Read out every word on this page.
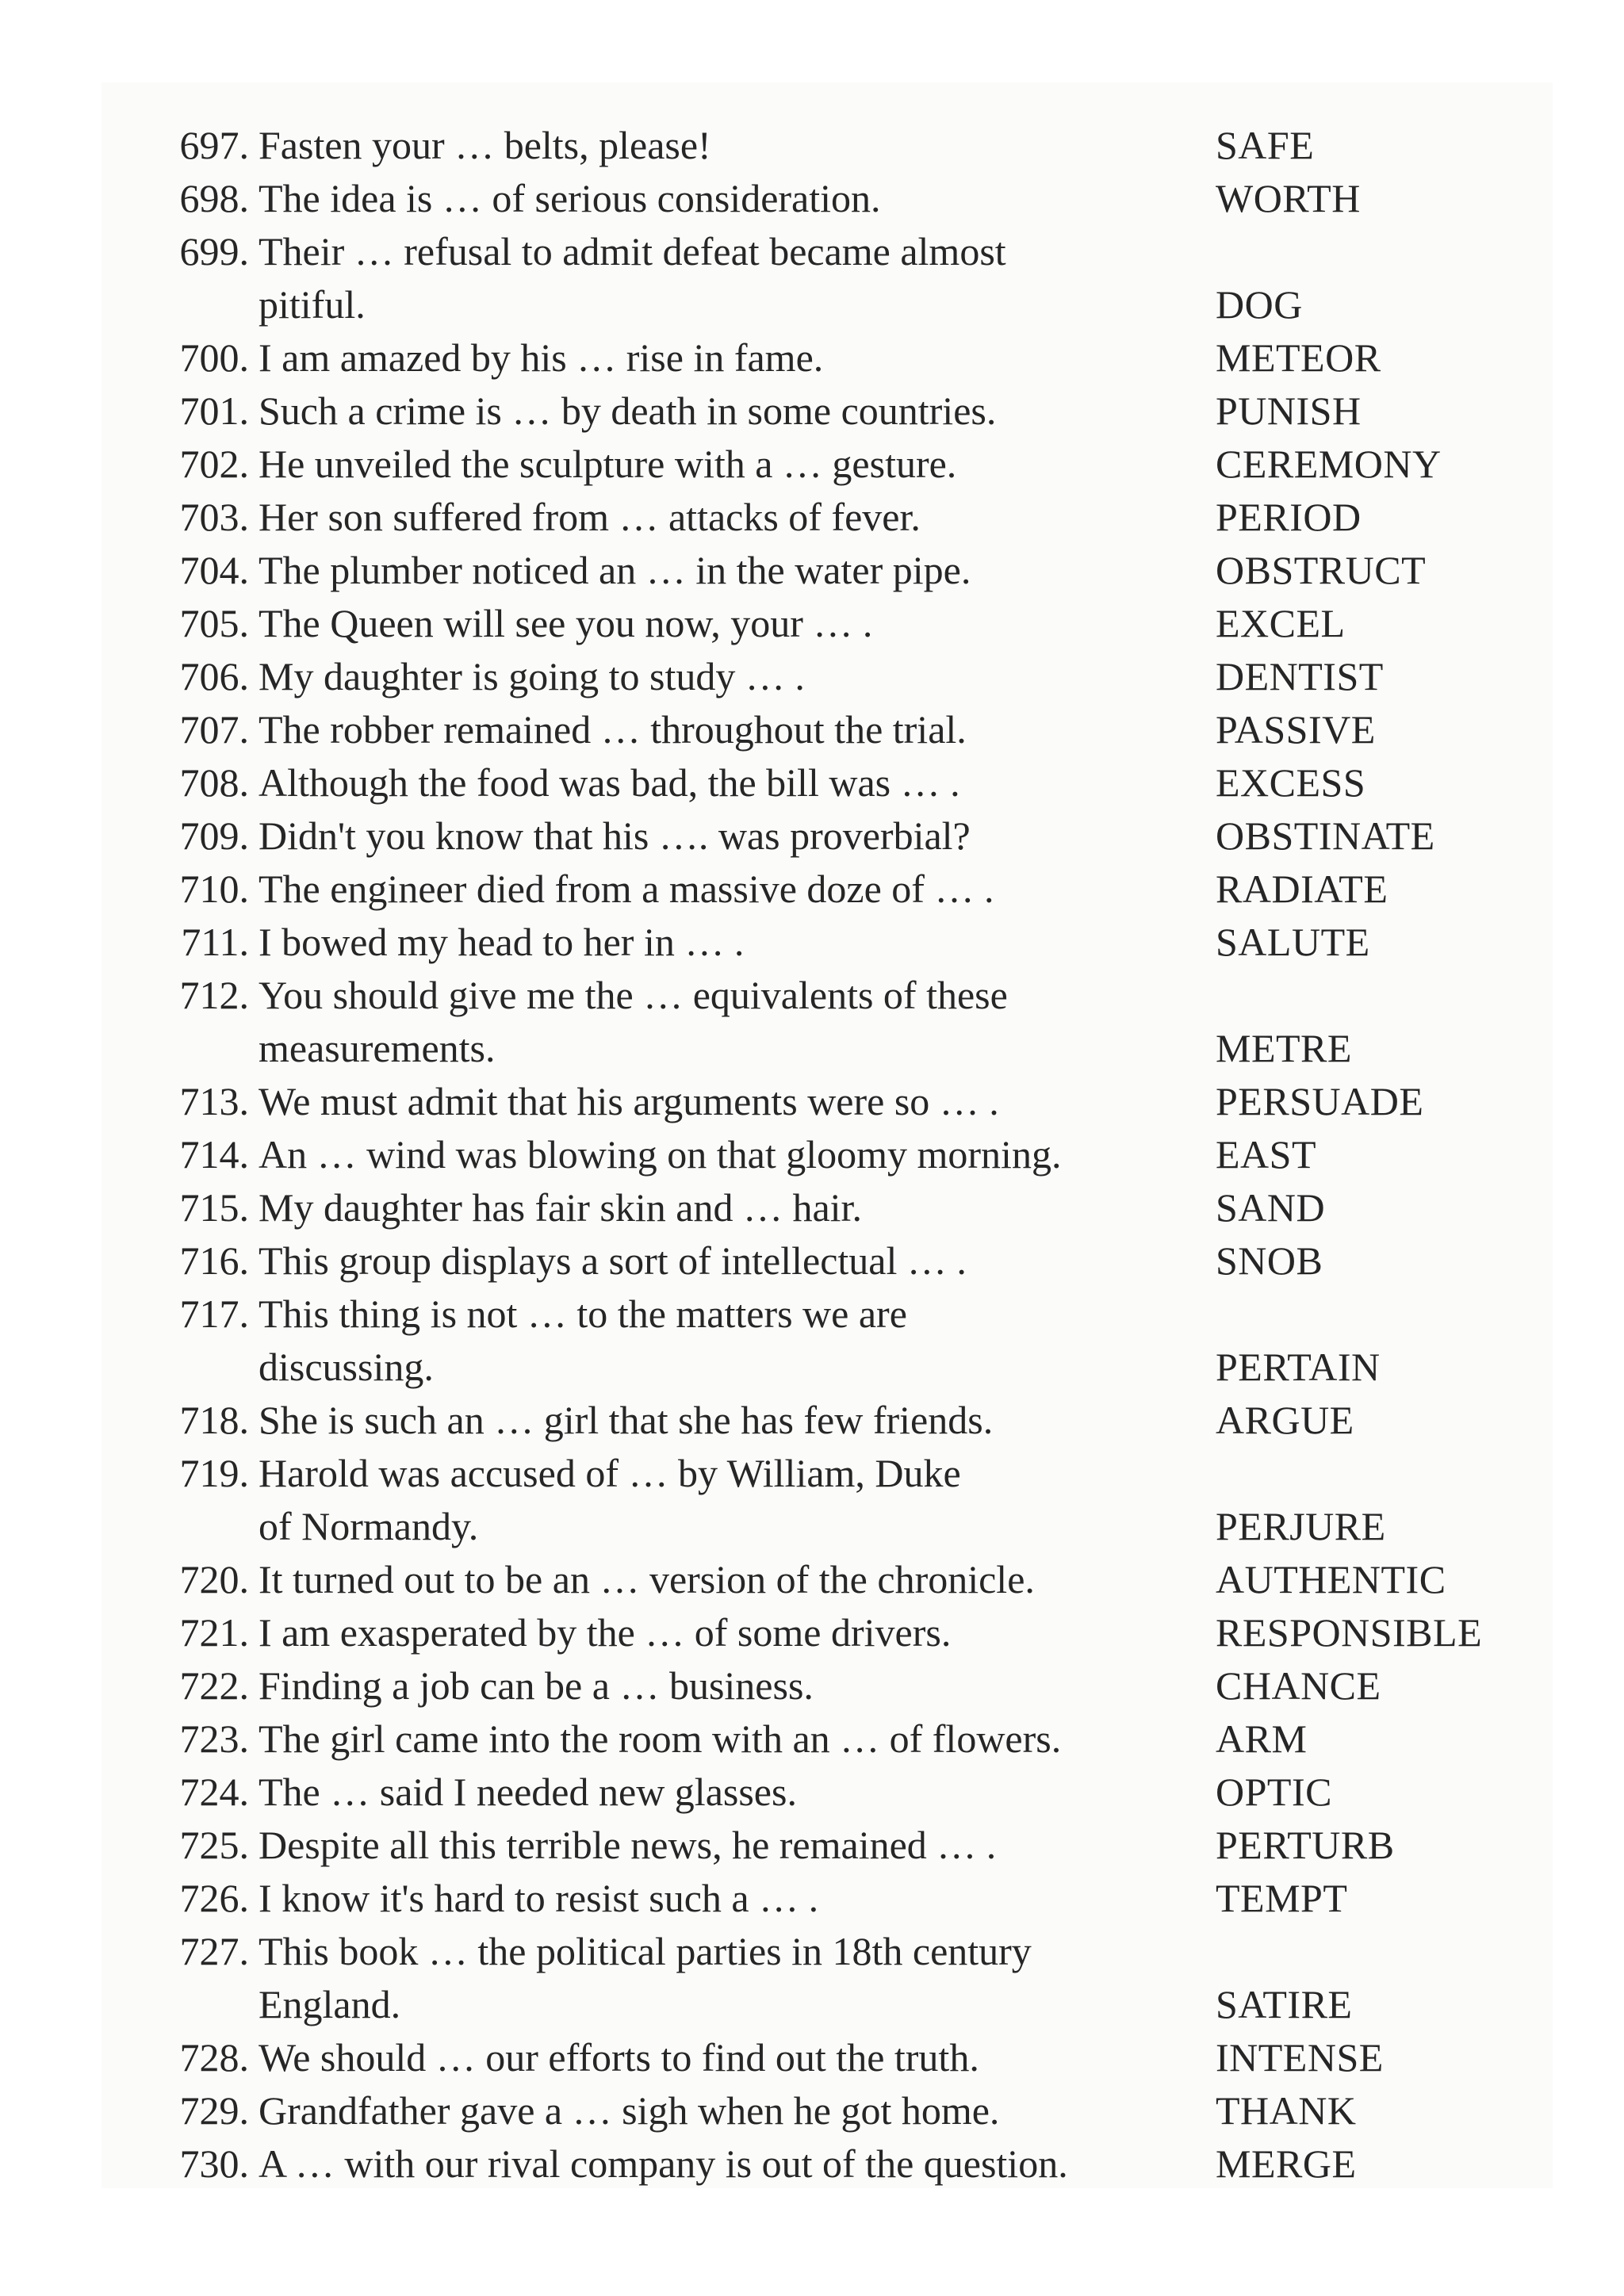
697. Fasten your … belts, please!	SAFE
698. The idea is … of serious consideration.	WORTH
699. Their … refusal to admit defeat became almost
pitiful.	DOG
700. I am amazed by his … rise in fame.	METEOR
701. Such a crime is … by death in some countries.	PUNISH
702. He unveiled the sculpture with a … gesture.	CEREMONY
703. Her son suffered from … attacks of fever.	PERIOD
704. The plumber noticed an … in the water pipe.	OBSTRUCT
705. The Queen will see you now, your … .	EXCEL
706. My daughter is going to study … .	DENTIST
707. The robber remained … throughout the trial.	PASSIVE
708. Although the food was bad, the bill was … .	EXCESS
709. Didn't you know that his …. was proverbial?	OBSTINATE
710. The engineer died from a massive doze of … .	RADIATE
711. I bowed my head to her in … .	SALUTE
712. You should give me the … equivalents of these
measurements.	METRE
713. We must admit that his arguments were so … .	PERSUADE
714. An … wind was blowing on that gloomy morning.	EAST
715. My daughter has fair skin and … hair.	SAND
716. This group displays a sort of intellectual … .	SNOB
717. This thing is not … to the matters we are
discussing.	PERTAIN
718. She is such an … girl that she has few friends.	ARGUE
719. Harold was accused of … by William, Duke
of Normandy.	PERJURE
720. It turned out to be an … version of the chronicle.	AUTHENTIC
721. I am exasperated by the … of some drivers.	RESPONSIBLE
722. Finding a job can be a … business.	CHANCE
723. The girl came into the room with an … of flowers.	ARM
724. The … said I needed new glasses.	OPTIC
725. Despite all this terrible news, he remained … .	PERTURB
726. I know it's hard to resist such a … .	TEMPT
727. This book … the political parties in 18th century
England.	SATIRE
728. We should … our efforts to find out the truth.	INTENSE
729. Grandfather gave a … sigh when he got home.	THANK
730. A … with our rival company is out of the question.	MERGE
